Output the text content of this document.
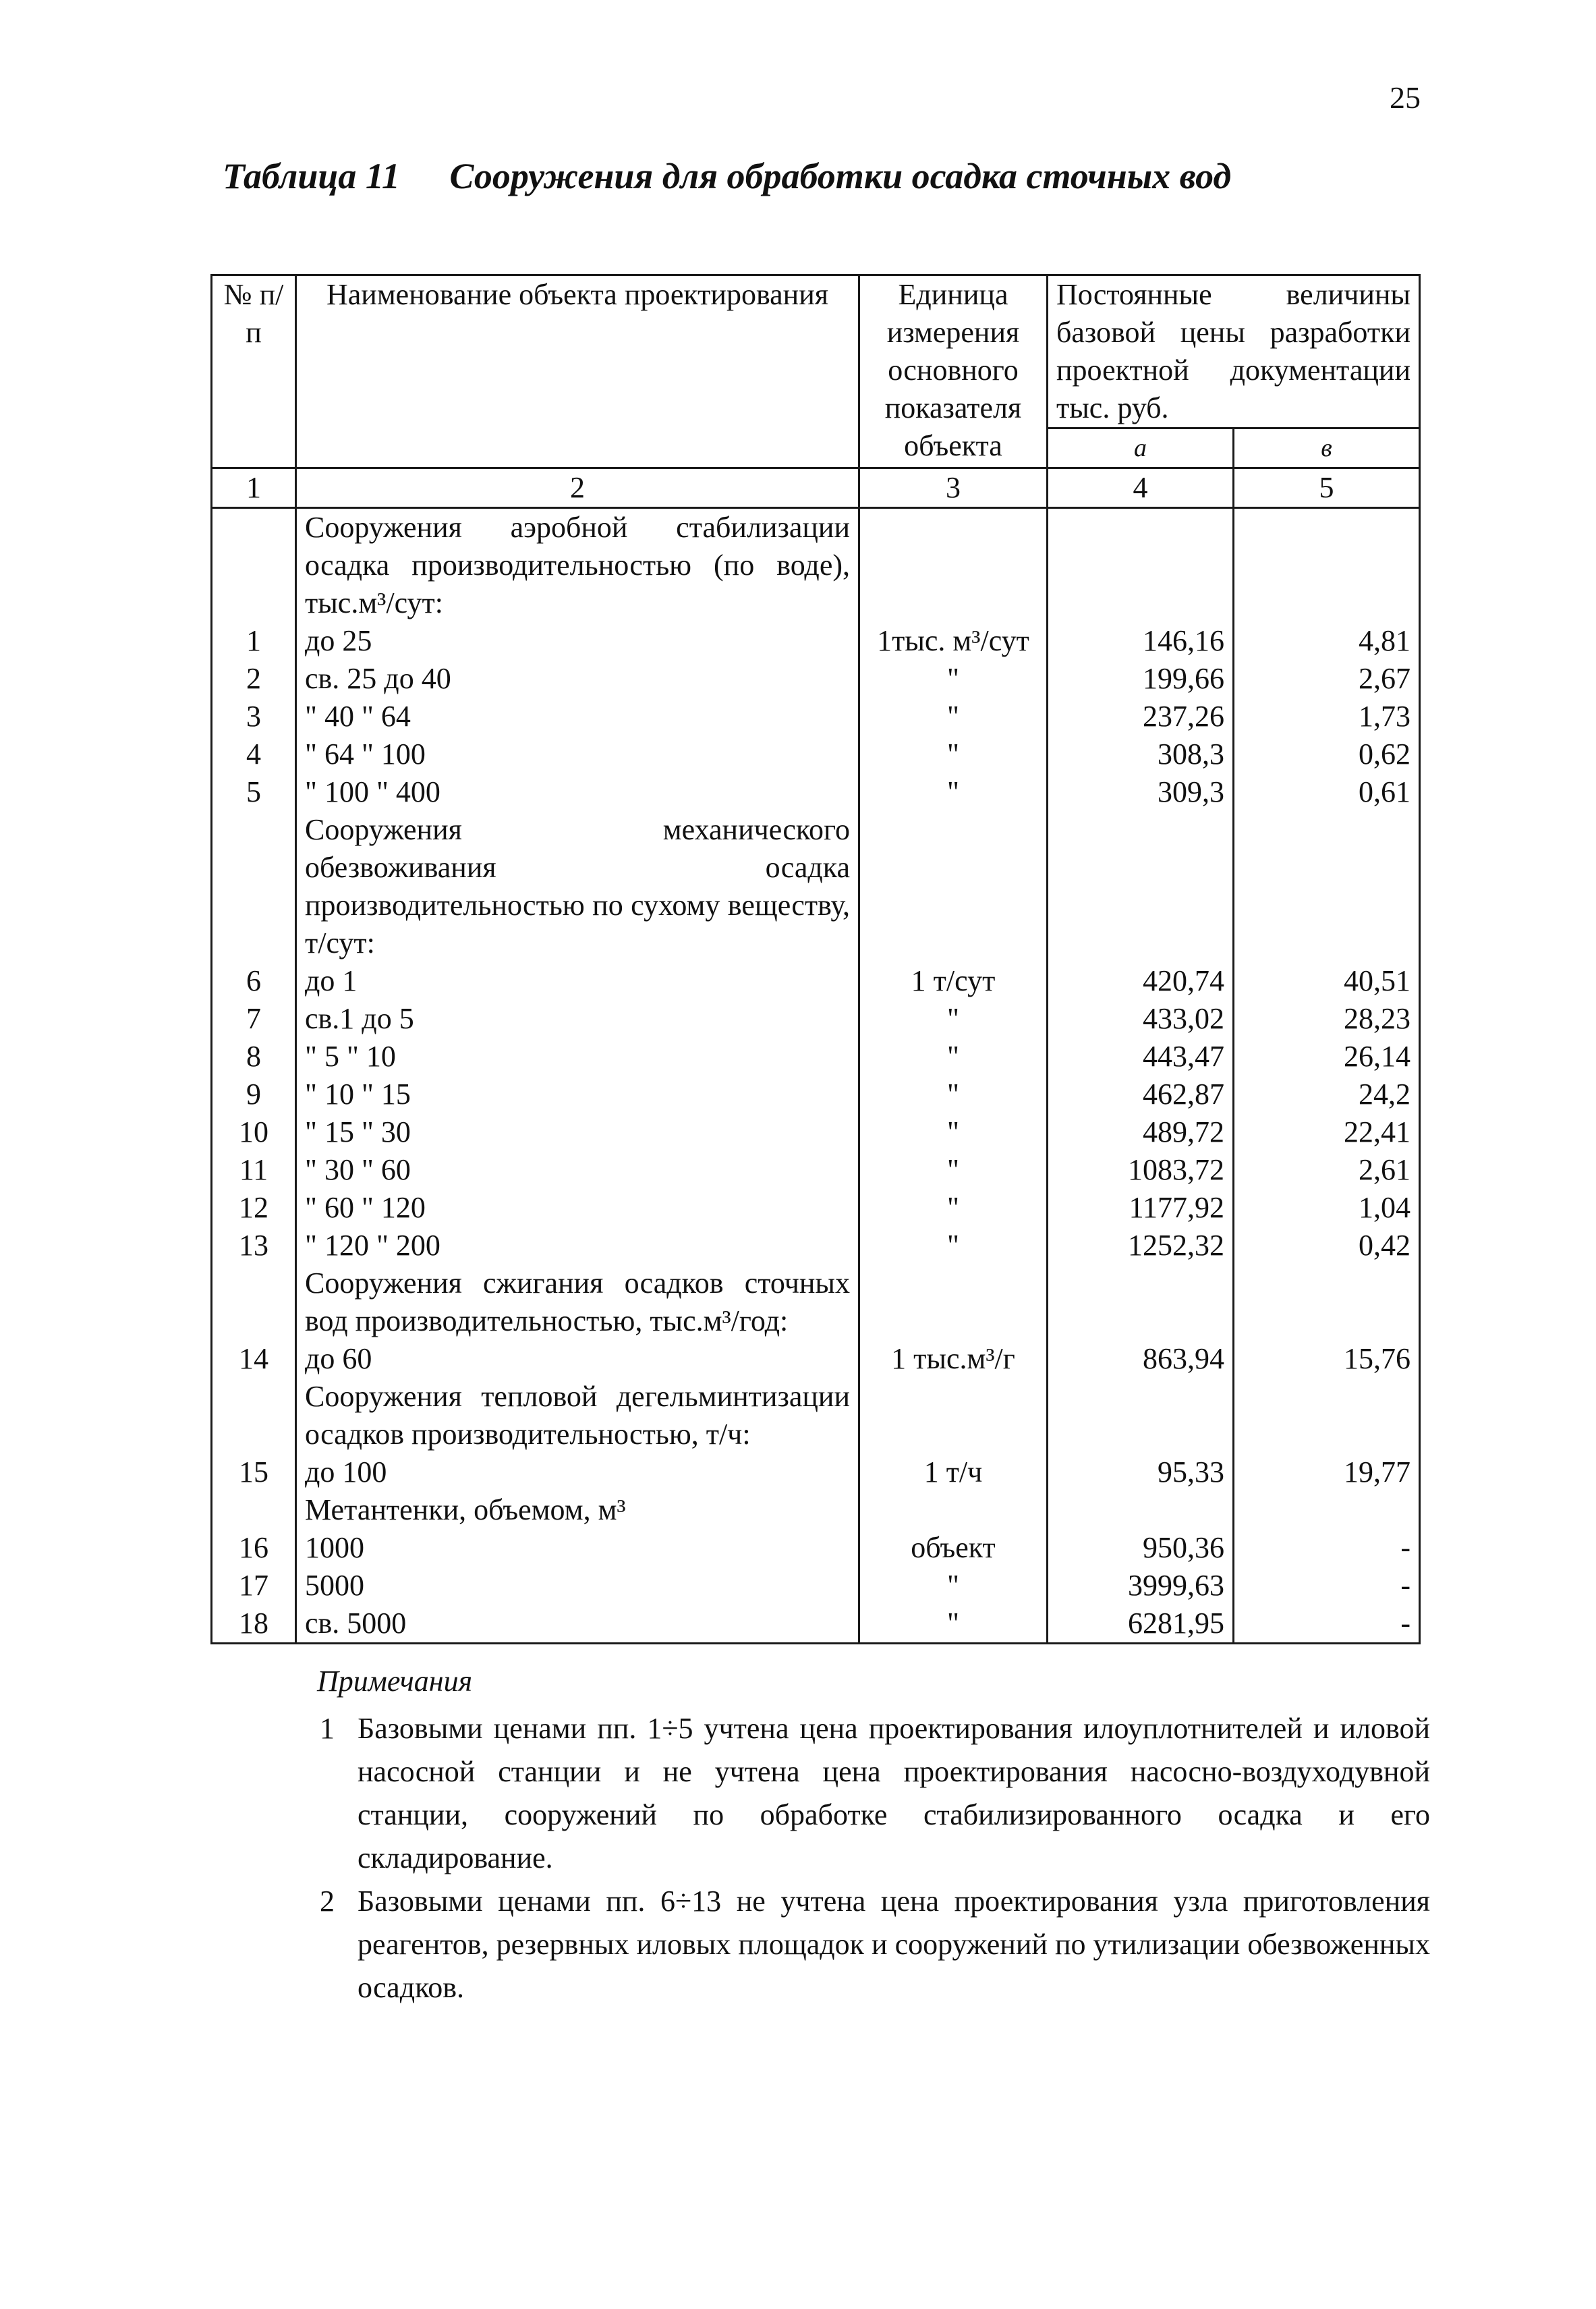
25
Таблица 11 Сооружения для обработки осадка сточных вод
№ п/п	Наименование объекта проектирования	Единица измерения основного показателя объекта	Постоянные величины
базовой цены разработки проектной документации тыс. руб.	

			а	в
1	2	3	4	5
	Сооружения аэробной стабилизации осадка производительностью (по воде), тыс.м³/сут:			
1	до 25	1тыс. м³/сут	146,16	4,81
2	св. 25 до 40	"	199,66	2,67
3	" 40 " 64	"	237,26	1,73
4	" 64 " 100	"	308,3	0,62
5	" 100 " 400	"	309,3	0,61
	Сооружения механического обезвоживания осадка производительностью по сухому веществу, т/сут:			
6	до 1	1 т/сут	420,74	40,51
7	св.1 до 5	"	433,02	28,23
8	" 5 " 10	"	443,47	26,14
9	" 10 " 15	"	462,87	24,2
10	" 15 " 30	"	489,72	22,41
11	" 30 " 60	"	1083,72	2,61
12	" 60 " 120	"	1177,92	1,04
13	" 120 " 200	"	1252,32	0,42
	Сооружения сжигания осадков сточных вод производительностью, тыс.м³/год:			
14	до 60	1 тыс.м³/г	863,94	15,76
	Сооружения тепловой дегельминтизации осадков производительностью, т/ч:			
15	до 100	1 т/ч	95,33	19,77
	Метантенки, объемом, м³			
16	1000	объект	950,36	-
17	5000	"	3999,63	-
18	св. 5000	"	6281,95	-
Примечания
1 Базовыми ценами пп. 1÷5 учтена цена проектирования илоуплотнителей и иловой насосной станции и не учтена цена проектирования насосно-воздуходувной станции, сооружений по обработке стабилизированного осадка и его складирование.
2 Базовыми ценами пп. 6÷13 не учтена цена проектирования узла приготовления реагентов, резервных иловых площадок и сооружений по утилизации обезвоженных осадков.
